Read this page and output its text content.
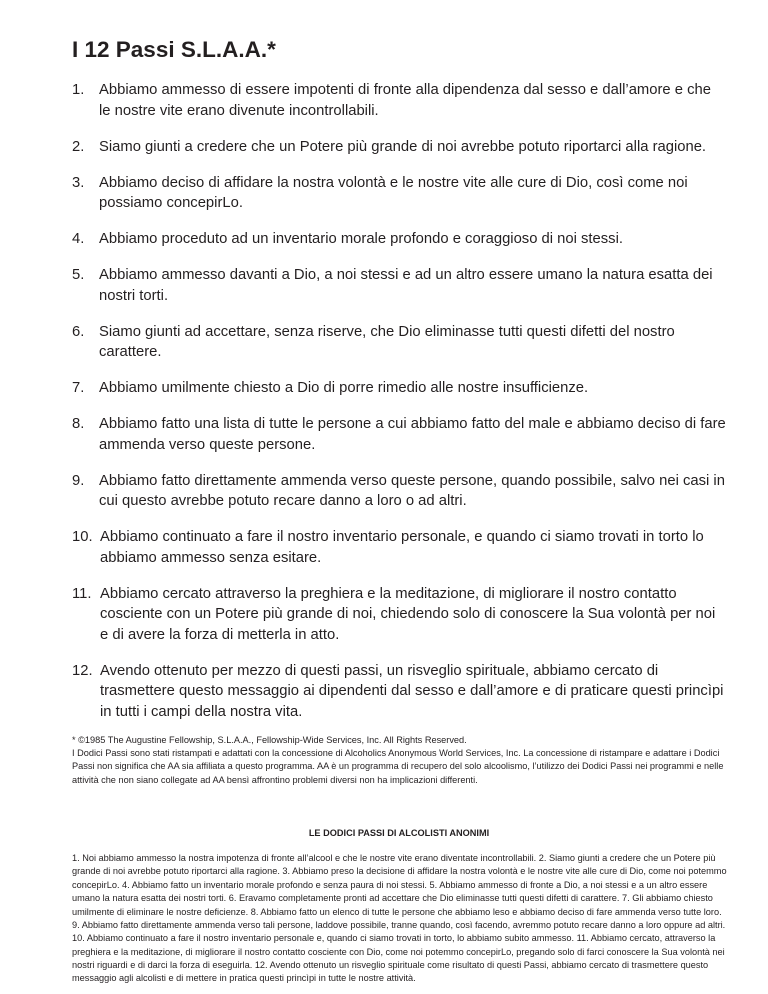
I 12 Passi S.L.A.A.*
1. Abbiamo ammesso di essere impotenti di fronte alla dipendenza dal sesso e dall’amore e che le nostre vite erano divenute incontrollabili.
2. Siamo giunti a credere che un Potere più grande di noi avrebbe potuto riportarci alla ragione.
3. Abbiamo deciso di affidare la nostra volontà e le nostre vite alle cure di Dio, così come noi possiamo concepirLo.
4. Abbiamo proceduto ad un inventario morale profondo e coraggioso di noi stessi.
5. Abbiamo ammesso davanti a Dio, a noi stessi e ad un altro essere umano la natura esatta dei nostri torti.
6. Siamo giunti ad accettare, senza riserve, che Dio eliminasse tutti questi difetti del nostro carattere.
7. Abbiamo umilmente chiesto a Dio di porre rimedio alle nostre insufficienze.
8. Abbiamo fatto una lista di tutte le persone a cui abbiamo fatto del male e abbiamo deciso di fare ammenda verso queste persone.
9. Abbiamo fatto direttamente ammenda verso queste persone, quando possibile, salvo nei casi in cui questo avrebbe potuto recare danno a loro o ad altri.
10. Abbiamo continuato a fare il nostro inventario personale, e quando ci siamo trovati in torto lo abbiamo ammesso senza esitare.
11. Abbiamo cercato attraverso la preghiera e la meditazione, di migliorare il nostro contatto cosciente con un Potere più grande di noi, chiedendo solo di conoscere la Sua volontà per noi e di avere la forza di metterla in atto.
12. Avendo ottenuto per mezzo di questi passi, un risveglio spirituale, abbiamo cercato di trasmettere questo messaggio ai dipendenti dal sesso e dall’amore e di praticare questi princìpi in tutti i campi della nostra vita.

* ©1985 The Augustine Fellowship, S.L.A.A., Fellowship-Wide Services, Inc. All Rights Reserved.

I Dodici Passi sono stati ristampati e adattati con la concessione di Alcoholics Anonymous World Services, Inc. La concessione di ristampare e adattare i Dodici Passi non significa che AA sia affiliata a questo programma. AA è un programma di recupero del solo alcoolismo, l’utilizzo dei Dodici Passi nei programmi e nelle attività che non siano collegate ad AA bensì affrontino problemi diversi non ha implicazioni differenti.

LE DODICI PASSI DI ALCOLISTI ANONIMI
1. Noi abbiamo ammesso la nostra impotenza di fronte all’alcool e che le nostre vite erano diventate incontrollabili. 2. Siamo giunti a credere che un Potere più grande di noi avrebbe potuto riportarci alla ragione. 3. Abbiamo preso la decisione di affidare la nostra volontà e le nostre vite alle cure di Dio, come noi potemmo concepirLo. 4. Abbiamo fatto un inventario morale profondo e senza paura di noi stessi. 5. Abbiamo ammesso di fronte a Dio, a noi stessi e a un altro essere umano la natura esatta dei nostri torti. 6. Eravamo completamente pronti ad accettare che Dio eliminasse tutti questi difetti di carattere. 7. Gli abbiamo chiesto umilmente di eliminare le nostre deficienze. 8. Abbiamo fatto un elenco di tutte le persone che abbiamo leso e abbiamo deciso di fare ammenda verso tutte loro. 9. Abbiamo fatto direttamente ammenda verso tali persone, laddove possibile, tranne quando, così facendo, avremmo potuto recare danno a loro oppure ad altri. 10. Abbiamo continuato a fare il nostro inventario personale e, quando ci siamo trovati in torto, lo abbiamo subito ammesso. 11. Abbiamo cercato, attraverso la preghiera e la meditazione, di migliorare il nostro contatto cosciente con Dio, come noi potemmo concepirLo, pregando solo di farci conoscere la Sua volontà nei nostri riguardi e di darci la forza di eseguirla. 12. Avendo ottenuto un risveglio spirituale come risultato di questi Passi, abbiamo cercato di trasmettere questo messaggio agli alcolisti e di mettere in pratica questi princìpi in tutte le nostre attività.
